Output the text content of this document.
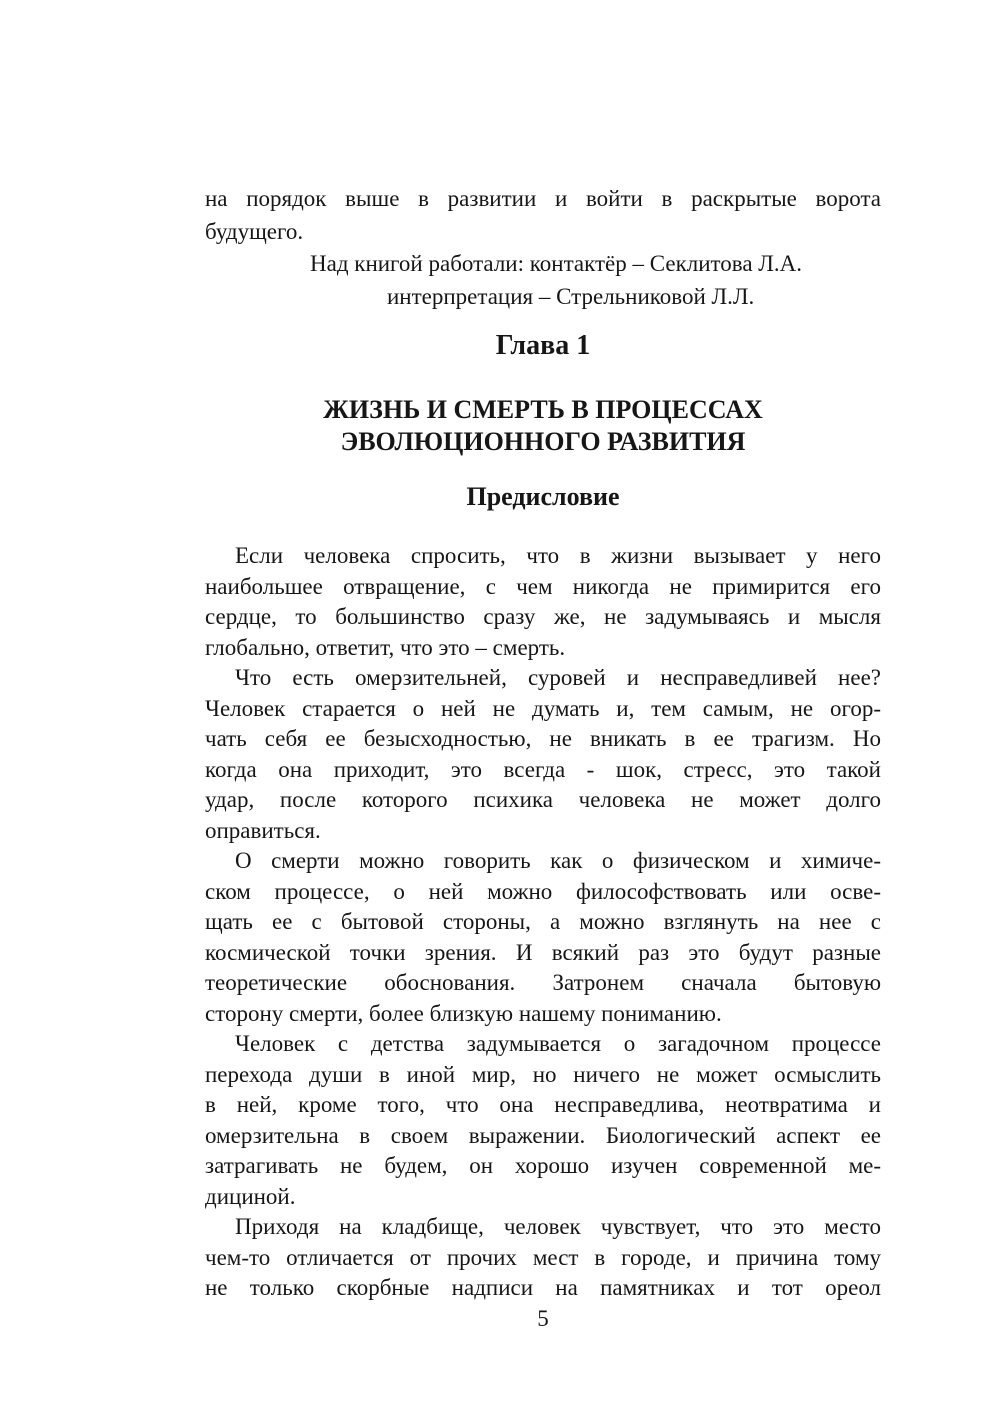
на порядок выше в развитии и войти в раскрытые ворота
будущего.
Над книгой работали: контактёр – Секлитова Л.А.
интерпретация – Стрельниковой Л.Л.
Глава 1
ЖИЗНЬ И СМЕРТЬ В ПРОЦЕССАХ
ЭВОЛЮЦИОННОГО РАЗВИТИЯ
Предисловие
Если человека спросить, что в жизни вызывает у него
наибольшее отвращение, с чем никогда не примирится его
сердце, то большинство сразу же, не задумываясь и мысля
глобально, ответит, что это – смерть.
Что есть омерзительней, суровей и несправедливей нее?
Человек старается о ней не думать и, тем самым, не огор-
чать себя ее безысходностью, не вникать в ее трагизм. Но
когда она приходит, это всегда - шок, стресс, это такой
удар, после которого психика человека не может долго
оправиться.
О смерти можно говорить как о физическом и химиче-
ском процессе, о ней можно философствовать или осве-
щать ее с бытовой стороны, а можно взглянуть на нее с
космической точки зрения. И всякий раз это будут разные
теоретические обоснования. Затронем сначала бытовую
сторону смерти, более близкую нашему пониманию.
Человек с детства задумывается о загадочном процессе
перехода души в иной мир, но ничего не может осмыслить
в ней, кроме того, что она несправедлива, неотвратима и
омерзительна в своем выражении. Биологический аспект ее
затрагивать не будем, он хорошо изучен современной ме-
дициной.
Приходя на кладбище, человек чувствует, что это место
чем-то отличается от прочих мест в городе, и причина тому
не только скорбные надписи на памятниках и тот ореол
5
